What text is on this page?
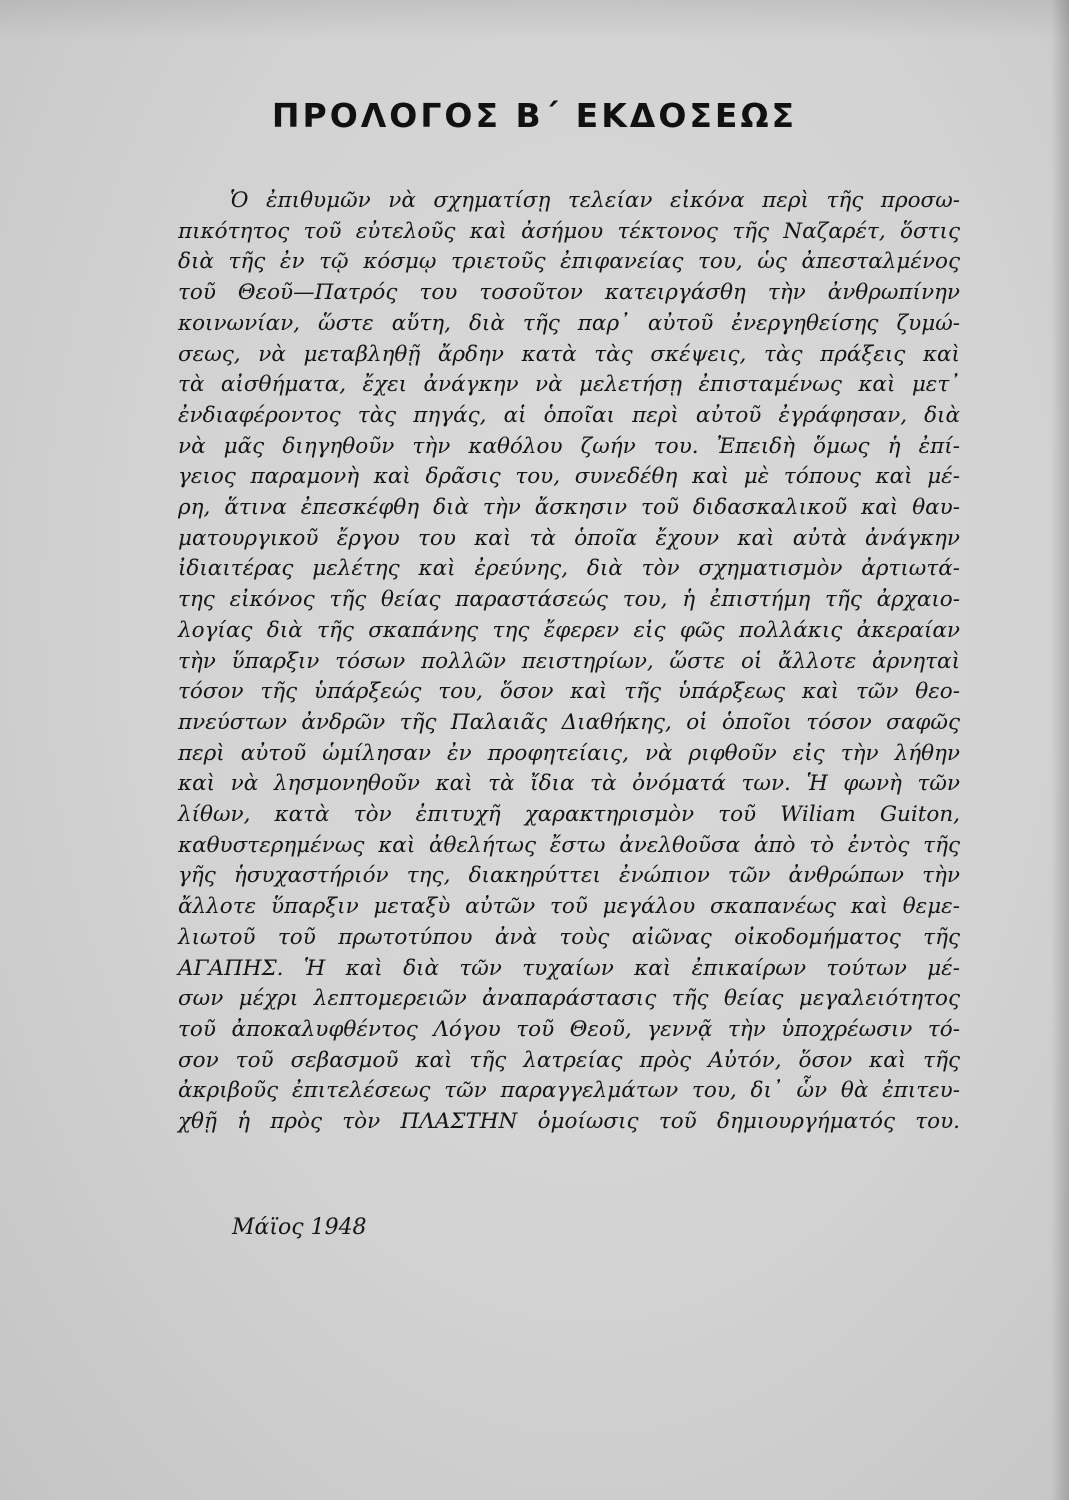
ΠΡΟΛΟΓΟΣ Β΄ ΕΚΔΟΣΕΩΣ
Ὁ ἐπιθυμῶν νὰ σχηματίσῃ τελείαν εἰκόνα περὶ τῆς προσω-
πικότητος τοῦ εὐτελοῦς καὶ ἀσήμου τέκτονος τῆς Ναζαρέτ, ὅστις
διὰ τῆς ἐν τῷ κόσμῳ τριετοῦς ἐπιφανείας του, ὡς ἀπεσταλμένος
τοῦ Θεοῦ—Πατρός του τοσοῦτον κατειργάσθη τὴν ἀνθρωπίνην
κοινωνίαν, ὥστε αὕτη, διὰ τῆς παρ᾿ αὐτοῦ ἐνεργηθείσης ζυμώ-
σεως, νὰ μεταβληθῇ ἄρδην κατὰ τὰς σκέψεις, τὰς πράξεις καὶ
τὰ αἰσθήματα, ἔχει ἀνάγκην νὰ μελετήσῃ ἐπισταμένως καὶ μετ᾿
ἐνδιαφέροντος τὰς πηγάς, αἱ ὁποῖαι περὶ αὐτοῦ ἐγράφησαν, διὰ
νὰ μᾶς διηγηθοῦν τὴν καθόλου ζωήν του. Ἐπειδὴ ὅμως ἡ ἐπί-
γειος παραμονὴ καὶ δρᾶσις του, συνεδέθη καὶ μὲ τόπους καὶ μέ-
ρη, ἅτινα ἐπεσκέφθη διὰ τὴν ἄσκησιν τοῦ διδασκαλικοῦ καὶ θαυ-
ματουργικοῦ ἔργου του καὶ τὰ ὁποῖα ἔχουν καὶ αὐτὰ ἀνάγκην
ἰδιαιτέρας μελέτης καὶ ἐρεύνης, διὰ τὸν σχηματισμὸν ἀρτιωτά-
της εἰκόνος τῆς θείας παραστάσεώς του, ἡ ἐπιστήμη τῆς ἀρχαιο-
λογίας διὰ τῆς σκαπάνης της ἔφερεν εἰς φῶς πολλάκις ἀκεραίαν
τὴν ὕπαρξιν τόσων πολλῶν πειστηρίων, ὥστε οἱ ἄλλοτε ἀρνηταὶ
τόσον τῆς ὑπάρξεώς του, ὅσον καὶ τῆς ὑπάρξεως καὶ τῶν θεο-
πνεύστων ἀνδρῶν τῆς Παλαιᾶς Διαθήκης, οἱ ὁποῖοι τόσον σαφῶς
περὶ αὐτοῦ ὡμίλησαν ἐν προφητείαις, νὰ ριφθοῦν εἰς τὴν λήθην
καὶ νὰ λησμονηθοῦν καὶ τὰ ἴδια τὰ ὀνόματά των. Ἡ φωνὴ τῶν
λίθων, κατὰ τὸν ἐπιτυχῆ χαρακτηρισμὸν τοῦ Wiliam Guiton,
καθυστερημένως καὶ ἀθελήτως ἔστω ἀνελθοῦσα ἀπὸ τὸ ἐντὸς τῆς
γῆς ἡσυχαστήριόν της, διακηρύττει ἐνώπιον τῶν ἀνθρώπων τὴν
ἄλλοτε ὕπαρξιν μεταξὺ αὐτῶν τοῦ μεγάλου σκαπανέως καὶ θεμε-
λιωτοῦ τοῦ πρωτοτύπου ἀνὰ τοὺς αἰῶνας οἰκοδομήματος τῆς
ΑΓΑΠΗΣ. Ἡ καὶ διὰ τῶν τυχαίων καὶ ἐπικαίρων τούτων μέ-
σων μέχρι λεπτομερειῶν ἀναπαράστασις τῆς θείας μεγαλειότητος
τοῦ ἀποκαλυφθέντος Λόγου τοῦ Θεοῦ, γεννᾷ τὴν ὑποχρέωσιν τό-
σον τοῦ σεβασμοῦ καὶ τῆς λατρείας πρὸς Αὐτόν, ὅσον καὶ τῆς
ἀκριβοῦς ἐπιτελέσεως τῶν παραγγελμάτων του, δι᾿ ὧν θὰ ἐπιτευ-
χθῇ ἡ πρὸς τὸν ΠΛΑΣΤΗΝ ὁμοίωσις τοῦ δημιουργήματός του.
Μάϊος 1948
